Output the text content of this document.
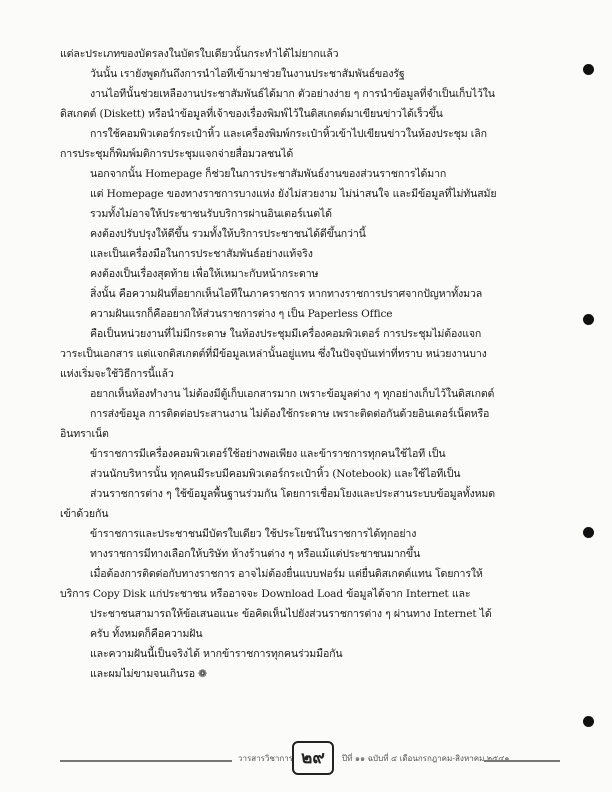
แต่ละประเภทของบัตรลงในบัตรใบเดียวนั้นกระทำได้ไม่ยากแล้ว
วันนั้น เรายังพูดกันถึงการนำไอทีเข้ามาช่วยในงานประชาสัมพันธ์ของรัฐ
งานไอทีนั้นช่วยเหลืองานประชาสัมพันธ์ได้มาก ตัวอย่างง่าย ๆ การนำข้อมูลที่จำเป็นเก็บไว้ใน
ดิสเกตต์ (Diskett) หรือนำข้อมูลที่เจ้าของเรื่องพิมพ์ไว้ในดิสเกตต์มาเขียนข่าวได้เร็วขึ้น
การใช้คอมพิวเตอร์กระเป๋าหิ้ว และเครื่องพิมพ์กระเป๋าหิ้วเข้าไปเขียนข่าวในห้องประชุม เลิก
การประชุมก็พิมพ์มติการประชุมแจกจ่ายสื่อมวลชนได้
นอกจากนั้น Homepage ก็ช่วยในการประชาสัมพันธ์งานของส่วนราชการได้มาก
แต่ Homepage ของทางราชการบางแห่ง ยังไม่สวยงาม ไม่น่าสนใจ และมีข้อมูลที่ไม่ทันสมัย
รวมทั้งไม่อาจให้ประชาชนรับบริการผ่านอินเตอร์เนตได้
คงต้องปรับปรุงให้ดีขึ้น รวมทั้งให้บริการประชาชนได้ดีขึ้นกว่านี้
และเป็นเครื่องมือในการประชาสัมพันธ์อย่างแท้จริง
คงต้องเป็นเรื่องสุดท้าย เพื่อให้เหมาะกับหน้ากระดาษ
สิ่งนั้น คือความฝันที่อยากเห็นไอทีในภาคราชการ หากทางราชการปราศจากปัญหาทั้งมวล
ความฝันแรกก็คืออยากให้ส่วนราชการต่าง ๆ เป็น Paperless Office
คือเป็นหน่วยงานที่ไม่มีกระดาษ ในห้องประชุมมีเครื่องคอมพิวเตอร์ การประชุมไม่ต้องแจก
วาระเป็นเอกสาร แต่แจกดิสเกตต์ที่มีข้อมูลเหล่านั้นอยู่แทน ซึ่งในปัจจุบันเท่าที่ทราบ หน่วยงานบาง
แห่งเริ่มจะใช้วิธีการนี้แล้ว
อยากเห็นห้องทำงาน ไม่ต้องมีตู้เก็บเอกสารมาก เพราะข้อมูลต่าง ๆ ทุกอย่างเก็บไว้ในดิสเกตต์
การส่งข้อมูล การติดต่อประสานงาน ไม่ต้องใช้กระดาษ เพราะติดต่อกันด้วยอินเตอร์เน็ตหรือ
อินทราเน็ต
ข้าราชการมีเครื่องคอมพิวเตอร์ใช้อย่างพอเพียง และข้าราชการทุกคนใช้ไอที เป็น
ส่วนนักบริหารนั้น ทุกคนมีระบมีคอมพิวเตอร์กระเป๋าหิ้ว (Notebook) และใช้ไอทีเป็น
ส่วนราชการต่าง ๆ ใช้ข้อมูลพื้นฐานร่วมกัน โดยการเชื่อมโยงและประสานระบบข้อมูลทั้งหมด
เข้าด้วยกัน
ข้าราชการและประชาชนมีบัตรใบเดียว ใช้ประโยชน์ในราชการได้ทุกอย่าง
ทางราชการมีทางเลือกให้บริษัท ห้างร้านต่าง ๆ หรือแม้แต่ประชาชนมากขึ้น
เมื่อต้องการติดต่อกับทางราชการ อาจไม่ต้องยื่นแบบฟอร์ม แต่ยื่นดิสเกตต์แทน โดยการให้
บริการ Copy Disk แก่ประชาชน หรืออาจจะ Download Load ข้อมูลได้จาก Internet และ
ประชาชนสามารถให้ข้อเสนอแนะ ข้อคิดเห็นไปยังส่วนราชการต่าง ๆ ผ่านทาง Internet ได้
ครับ ทั้งหมดก็คือความฝัน
และความฝันนี้เป็นจริงได้ หากข้าราชการทุกคนร่วมมือกัน
และผมไม่ขามจนเกินรอ ❁
วารสารวิชาการ ๒๙	ปีที่ ๑๑ ฉบับที่ ๔ เดือนกรกฎาคม-สิงหาคม ๒๕๔๑
